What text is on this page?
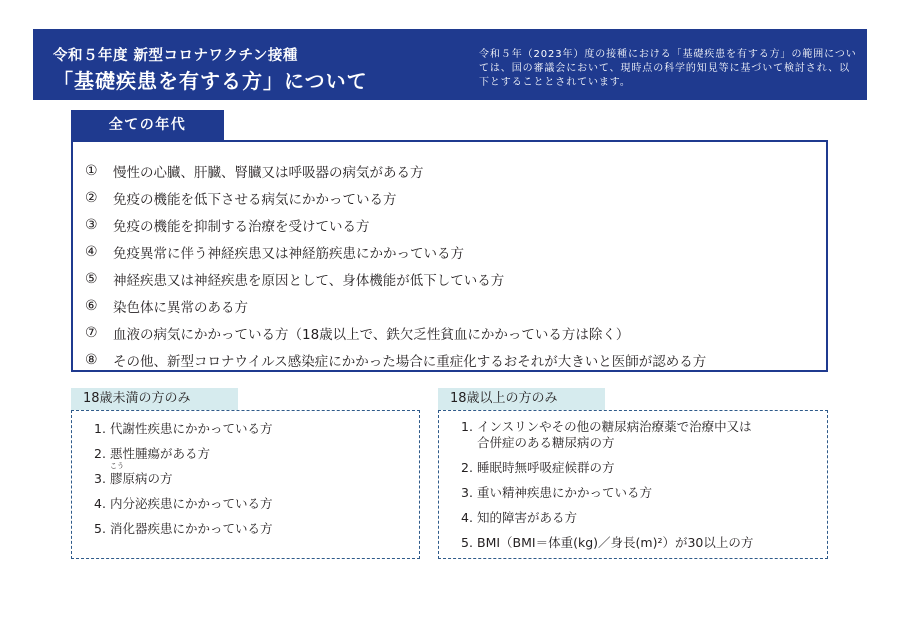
令和５年度 新型コロナワクチン接種
「基礎疾患を有する方」について
令和５年（2023年）度の接種における「基礎疾患を有する方」の範囲については、国の審議会において、現時点の科学的知見等に基づいて検討され、以下とすることとされています。
全ての年代
①	慢性の心臓、肝臓、腎臓又は呼吸器の病気がある方
②	免疫の機能を低下させる病気にかかっている方
③	免疫の機能を抑制する治療を受けている方
④	免疫異常に伴う神経疾患又は神経筋疾患にかかっている方
⑤	神経疾患又は神経疾患を原因として、身体機能が低下している方
⑥	染色体に異常のある方
⑦	血液の病気にかかっている方（18歳以上で、鉄欠乏性貧血にかかっている方は除く）
⑧	その他、新型コロナウイルス感染症にかかった場合に重症化するおそれが大きいと医師が認める方
18歳未満の方のみ
1. 代謝性疾患にかかっている方
2. 悪性腫瘍がある方
3.
こう
膠原病の方
4. 内分泌疾患にかかっている方
5. 消化器疾患にかかっている方
18歳以上の方のみ
1. インスリンやその他の糖尿病治療薬で治療中又は
合併症のある糖尿病の方
2. 睡眠時無呼吸症候群の方
3. 重い精神疾患にかかっている方
4. 知的障害がある方
5. BMI（BMI＝体重(kg)／身長(m)²）が30以上の方
